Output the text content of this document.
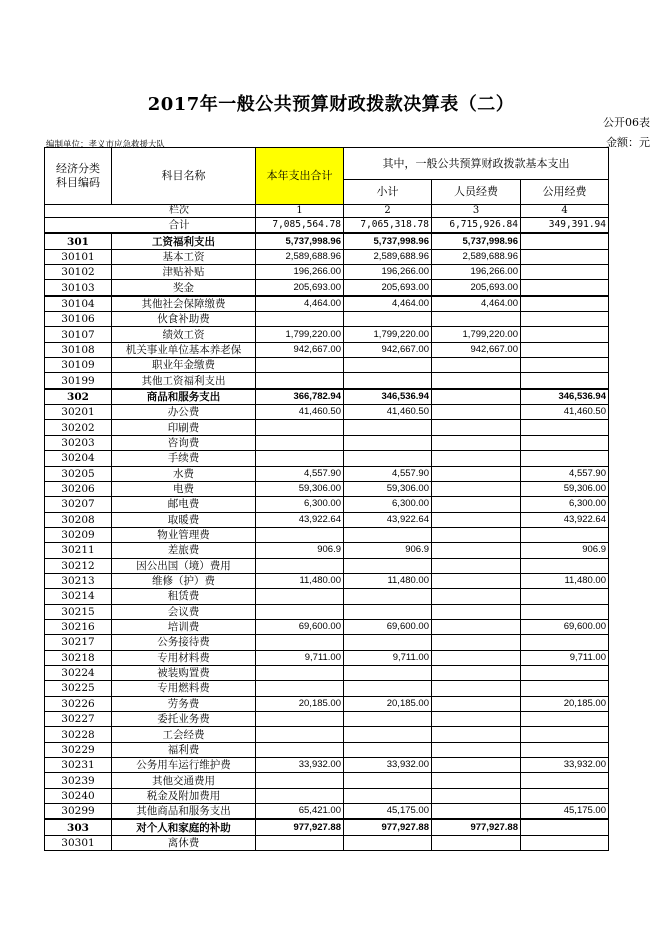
2017年一般公共预算财政拨款决算表（二）
公开06表
编制单位：孝义市应急救援大队	金额：元
经济分类
科目编码	科目名称	本年支出合计	其中，一般公共预算财政拨款基本支出		
			小计	人员经费	公用经费
栏次		1	2	3	4
合计		7,085,564.78	7,065,318.78	6,715,926.84	349,391.94
301	工资福利支出	5,737,998.96	5,737,998.96	5,737,998.96	
30101	基本工资	2,589,688.96	2,589,688.96	2,589,688.96	
30102	津贴补贴	196,266.00	196,266.00	196,266.00	
30103	奖金	205,693.00	205,693.00	205,693.00	
30104	其他社会保障缴费	4,464.00	4,464.00	4,464.00	
30106	伙食补助费				
30107	绩效工资	1,799,220.00	1,799,220.00	1,799,220.00	
30108	机关事业单位基本养老保	942,667.00	942,667.00	942,667.00	
30109	职业年金缴费				
30199	其他工资福利支出				
302	商品和服务支出	366,782.94	346,536.94		346,536.94
30201	办公费	41,460.50	41,460.50		41,460.50
30202	印刷费				
30203	咨询费				
30204	手续费				
30205	水费	4,557.90	4,557.90		4,557.90
30206	电费	59,306.00	59,306.00		59,306.00
30207	邮电费	6,300.00	6,300.00		6,300.00
30208	取暖费	43,922.64	43,922.64		43,922.64
30209	物业管理费				
30211	差旅费	906.9	906.9		906.9
30212	因公出国（境）费用				
30213	维修（护）费	11,480.00	11,480.00		11,480.00
30214	租赁费				
30215	会议费				
30216	培训费	69,600.00	69,600.00		69,600.00
30217	公务接待费				
30218	专用材料费	9,711.00	9,711.00		9,711.00
30224	被装购置费				
30225	专用燃料费				
30226	劳务费	20,185.00	20,185.00		20,185.00
30227	委托业务费				
30228	工会经费				
30229	福利费				
30231	公务用车运行维护费	33,932.00	33,932.00		33,932.00
30239	其他交通费用				
30240	税金及附加费用				
30299	其他商品和服务支出	65,421.00	45,175.00		45,175.00
303	对个人和家庭的补助	977,927.88	977,927.88	977,927.88	
30301	离休费				
